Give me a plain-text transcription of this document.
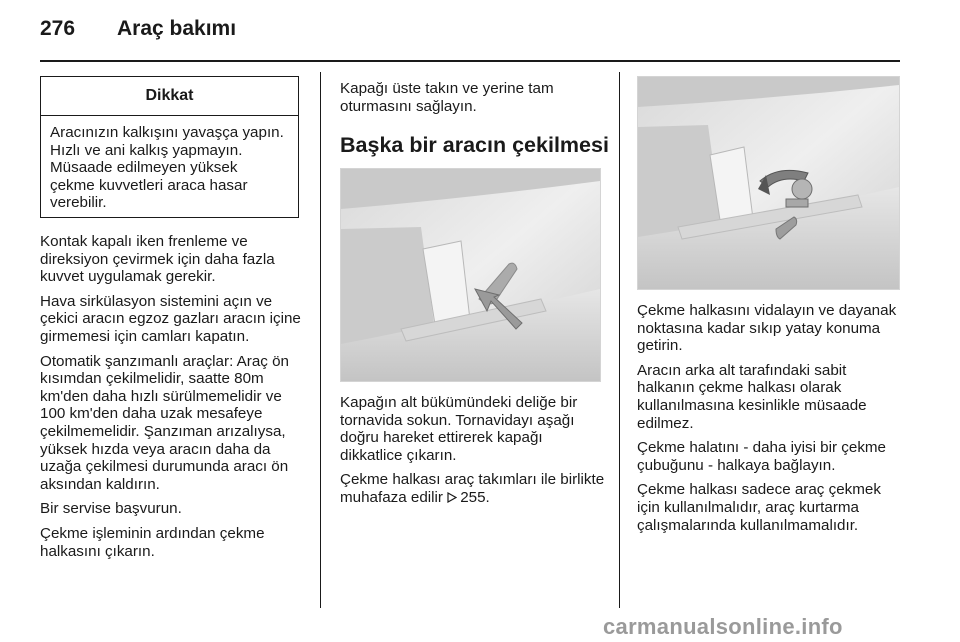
276 Araç bakımı
Dikkat
Aracınızın kalkışını yavaşça yapın. Hızlı ve ani kalkış yapmayın. Müsaade edilmeyen yüksek çekme kuvvetleri araca hasar verebilir.

Kontak kapalı iken frenleme ve direksiyon çevirmek için daha fazla kuvvet uygulamak gerekir.

Hava sirkülasyon sistemini açın ve çekici aracın egzoz gazları aracın içine girmemesi için camları kapatın.

Otomatik şanzımanlı araçlar: Araç ön kısımdan çekilmelidir, saatte 80m km'den daha hızlı sürülmemelidir ve 100 km'den daha uzak mesafeye çekilmemelidir. Şanzıman arızalıysa, yüksek hızda veya aracın daha da uzağa çekilmesi durumunda aracı ön aksından kaldırın.

Bir servise başvurun.

Çekme işleminin ardından çekme halkasını çıkarın.

Kapağı üste takın ve yerine tam oturmasını sağlayın.

Başka bir aracın çekilmesi

Kapağın alt bükümündeki deliğe bir tornavida sokun. Tornavidayı aşağı doğru hareket ettirerek kapağı dikkatlice çıkarın.

Çekme halkası araç takımları ile birlikte muhafaza edilir 255.

Çekme halkasını vidalayın ve dayanak noktasına kadar sıkıp yatay konuma getirin.

Aracın arka alt tarafındaki sabit halkanın çekme halkası olarak kullanılmasına kesinlikle müsaade edilmez.

Çekme halatını - daha iyisi bir çekme çubuğunu - halkaya bağlayın.

Çekme halkası sadece araç çekmek için kullanılmalıdır, araç kurtarma çalışmalarında kullanılmamalıdır.

carmanualsonline.info
